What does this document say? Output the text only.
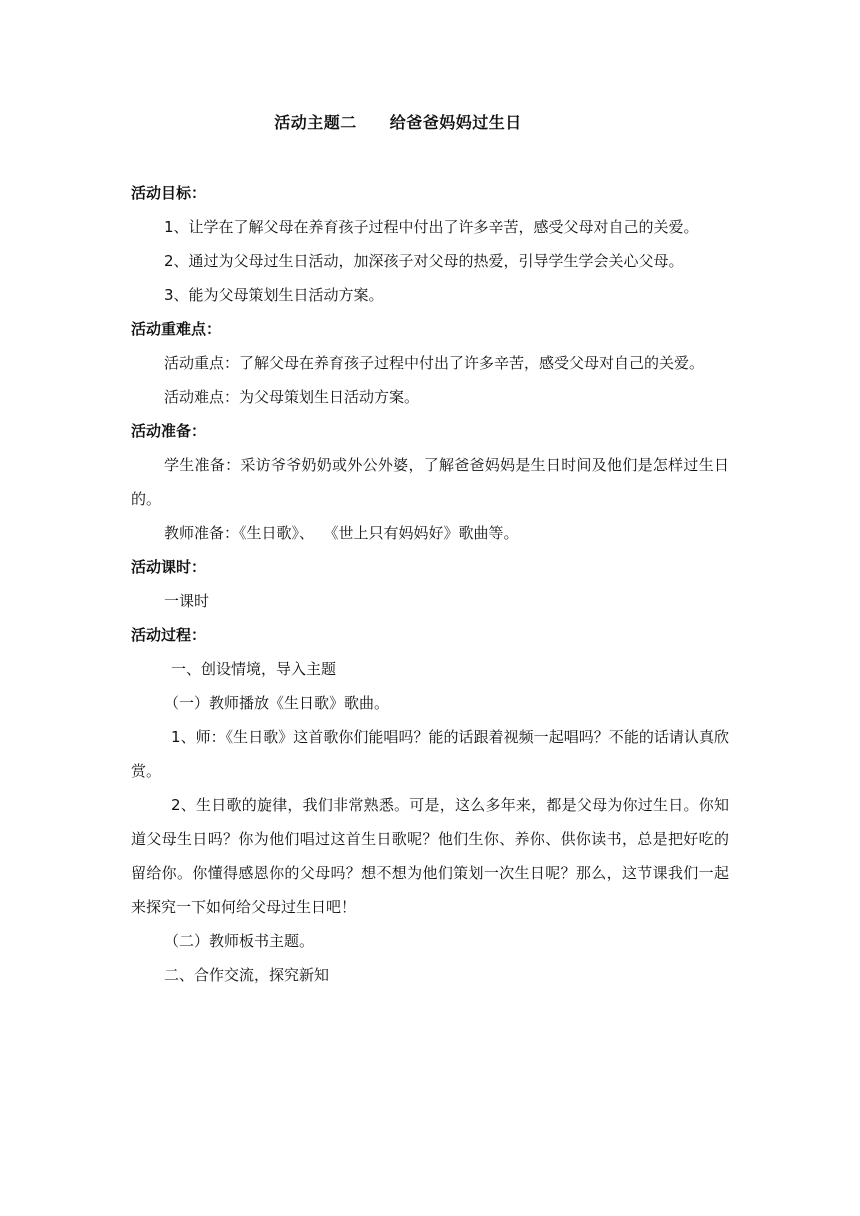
活动主题二　　给爸爸妈妈过生日

活动目标：

1、让学在了解父母在养育孩子过程中付出了许多辛苦，感受父母对自己的关爱。

2、通过为父母过生日活动，加深孩子对父母的热爱，引导学生学会关心父母。

3、能为父母策划生日活动方案。

活动重难点：

活动重点：了解父母在养育孩子过程中付出了许多辛苦，感受父母对自己的关爱。

活动难点：为父母策划生日活动方案。

活动准备：

学生准备：采访爷爷奶奶或外公外婆，了解爸爸妈妈是生日时间及他们是怎样过生日的。

教师准备：《生日歌》、  《世上只有妈妈好》歌曲等。

活动课时：

一课时

活动过程：

一、创设情境，导入主题

（一）教师播放《生日歌》歌曲。

1、师：《生日歌》这首歌你们能唱吗？能的话跟着视频一起唱吗？不能的话请认真欣赏。

2、生日歌的旋律，我们非常熟悉。可是，这么多年来，都是父母为你过生日。你知道父母生日吗？你为他们唱过这首生日歌呢？他们生你、养你、供你读书，总是把好吃的留给你。你懂得感恩你的父母吗？想不想为他们策划一次生日呢？那么，这节课我们一起来探究一下如何给父母过生日吧！

（二）教师板书主题。

二、合作交流，探究新知
